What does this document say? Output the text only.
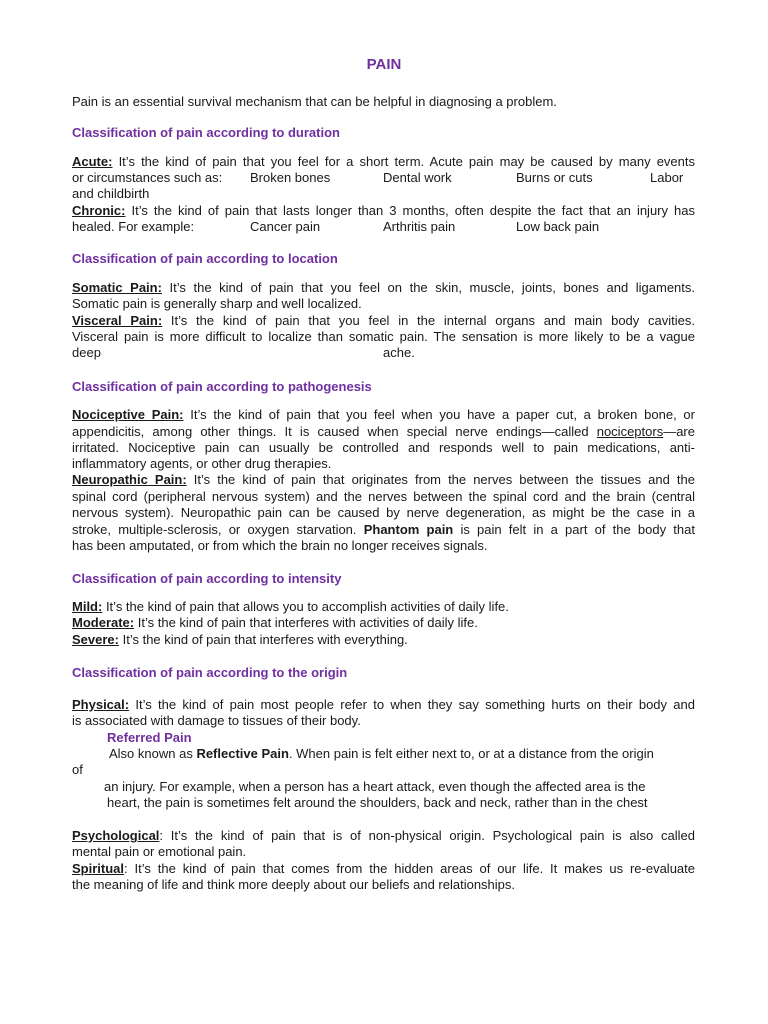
PAIN
Pain is an essential survival mechanism that can be helpful in diagnosing a problem.
Classification of pain according to duration
Acute: It’s the kind of pain that you feel for a short term. Acute pain may be caused by many events
or circumstances such as:	Broken bones	Dental work	Burns or cuts	Labor
and childbirth
Chronic: It’s the kind of pain that lasts longer than 3 months, often despite the fact that an injury has
healed. For example:	Cancer pain	Arthritis pain	Low back pain
Classification of pain according to location
Somatic Pain: It’s the kind of pain that you feel on the skin, muscle, joints, bones and ligaments.
Somatic pain is generally sharp and well localized.
Visceral Pain: It’s the kind of pain that you feel in the internal organs and main body cavities.
Visceral pain is more difficult to localize than somatic pain. The sensation is more likely to be a vague
deep	ache.
Classification of pain according to pathogenesis
Nociceptive Pain: It’s the kind of pain that you feel when you have a paper cut, a broken bone, or
appendicitis, among other things. It is caused when special nerve endings—called nociceptors—are
irritated. Nociceptive pain can usually be controlled and responds well to pain medications, anti-
inflammatory agents, or other drug therapies.
Neuropathic Pain: It’s the kind of pain that originates from the nerves between the tissues and the
spinal cord (peripheral nervous system) and the nerves between the spinal cord and the brain (central
nervous system). Neuropathic pain can be caused by nerve degeneration, as might be the case in a
stroke, multiple-sclerosis, or oxygen starvation. Phantom pain is pain felt in a part of the body that
has been amputated, or from which the brain no longer receives signals.
Classification of pain according to intensity
Mild: It’s the kind of pain that allows you to accomplish activities of daily life.
Moderate: It’s the kind of pain that interferes with activities of daily life.
Severe: It’s the kind of pain that interferes with everything.
Classification of pain according to the origin
Physical: It’s the kind of pain most people refer to when they say something hurts on their body and
is associated with damage to tissues of their body.
Referred Pain
Also known as Reflective Pain. When pain is felt either next to, or at a distance from the origin
of
an injury. For example, when a person has a heart attack, even though the affected area is the
heart, the pain is sometimes felt around the shoulders, back and neck, rather than in the chest
Psychological: It’s the kind of pain that is of non-physical origin. Psychological pain is also called
mental pain or emotional pain.
Spiritual: It’s the kind of pain that comes from the hidden areas of our life. It makes us re-evaluate
the meaning of life and think more deeply about our beliefs and relationships.
